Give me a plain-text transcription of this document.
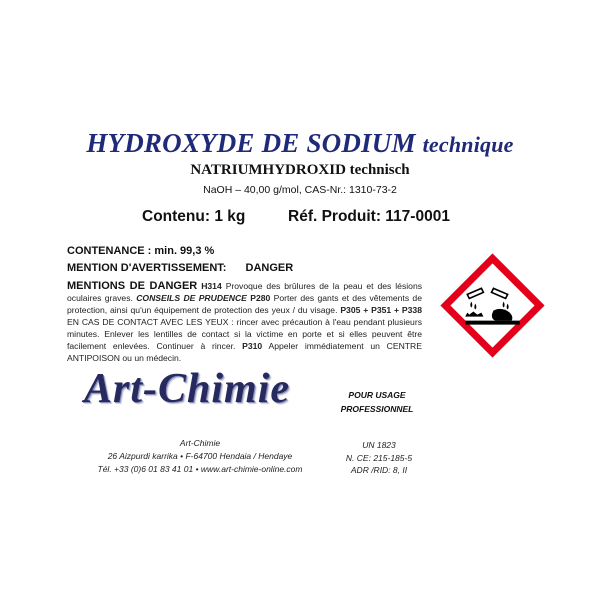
HYDROXYDE DE SODIUM technique
NATRIUMHYDROXID technisch
NaOH – 40,00 g/mol, CAS-Nr.: 1310-73-2
Contenu: 1 kg	Réf. Produit: 117-0001
CONTENANCE : min. 99,3 %
MENTION D'AVERTISSEMENT: DANGER
MENTIONS DE DANGER H314 Provoque des brûlures de la peau et des lésions oculaires graves. CONSEILS DE PRUDENCE P280 Porter des gants et des vêtements de protection, ainsi qu'un équipement de protection des yeux / du visage. P305 + P351 + P338 EN CAS DE CONTACT AVEC LES YEUX : rincer avec précaution à l'eau pendant plusieurs minutes. Enlever les lentilles de contact si la victime en porte et si elles peuvent être facilement enlevées. Continuer à rincer. P310 Appeler immédiatement un CENTRE ANTIPOISON ou un médecin.
Art-Chimie	POUR USAGE
PROFESSIONNEL
Art-Chimie
26 Aizpurdi karrika • F-64700 Hendaia / Hendaye
Tél. +33 (0)6 01 83 41 01 • www.art-chimie-online.com
UN 1823
N. CE: 215-185-5
ADR /RID: 8, II
